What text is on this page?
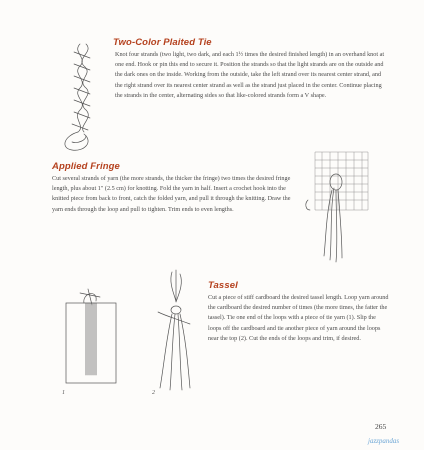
Two-Color Plaited Tie
Knot four strands (two light, two dark, and each 1½ times the desired finished length) in an overhand knot at one end. Hook or pin this end to secure it. Position the strands so that the light strands are on the outside and the dark ones on the inside. Working from the outside, take the left strand over its nearest center strand, and the right strand over its nearest center strand as well as the strand just placed in the center. Continue placing the strands in the center, alternating sides so that like-colored strands form a V shape.
Applied Fringe
Cut several strands of yarn (the more strands, the thicker the fringe) two times the desired fringe length, plus about 1" (2.5 cm) for knotting. Fold the yarn in half. Insert a crochet hook into the knitted piece from back to front, catch the folded yarn, and pull it through the knitting. Draw the yarn ends through the loop and pull to tighten. Trim ends to even lengths.
1	2
Tassel
Cut a piece of stiff cardboard the desired tassel length. Loop yarn around the cardboard the desired number of times (the more times, the fatter the tassel). Tie one end of the loops with a piece of tie yarn (1). Slip the loops off the cardboard and tie another piece of yarn around the loops near the top (2). Cut the ends of the loops and trim, if desired.
265
jazzpandas
